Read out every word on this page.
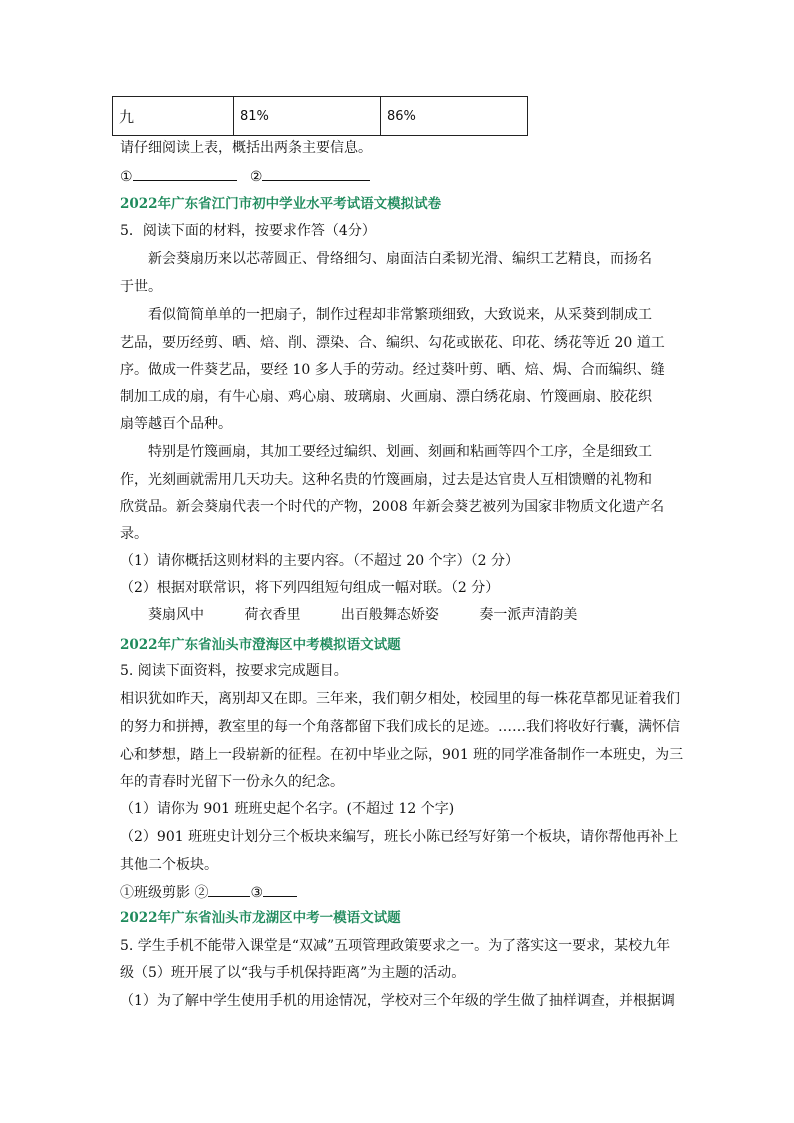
九	81%	86%
请仔细阅读上表，概括出两条主要信息。
①	②
2022年广东省江门市初中学业水平考试语文模拟试卷
5．阅读下面的材料，按要求作答（4分）
新会葵扇历来以芯蒂圆正、骨络细匀、扇面洁白柔韧光滑、编织工艺精良，而扬名
于世。
看似简简单单的一把扇子，制作过程却非常繁琐细致，大致说来，从采葵到制成工
艺品，要历经剪、晒、焙、削、漂染、合、编织、勾花或嵌花、印花、绣花等近 20 道工
序。做成一件葵艺品，要经 10 多人手的劳动。经过葵叶剪、晒、焙、焗、合而编织、缝
制加工成的扇，有牛心扇、鸡心扇、玻璃扇、火画扇、漂白绣花扇、竹篾画扇、胶花织
扇等越百个品种。
特别是竹篾画扇，其加工要经过编织、划画、刻画和粘画等四个工序，全是细致工
作，光刻画就需用几天功夫。这种名贵的竹篾画扇，过去是达官贵人互相馈赠的礼物和
欣赏品。新会葵扇代表一个时代的产物，2008 年新会葵艺被列为国家非物质文化遗产名
录。
（1）请你概括这则材料的主要内容。（不超过 20 个字）（2 分）
（2）根据对联常识，将下列四组短句组成一幅对联。（2 分）
葵扇风中	荷衣香里	出百般舞态娇姿	奏一派声清韵美
2022年广东省汕头市澄海区中考模拟语文试题
5. 阅读下面资料，按要求完成题目。
相识犹如昨天，离别却又在即。三年来，我们朝夕相处，校园里的每一株花草都见证着我们
的努力和拼搏，教室里的每一个角落都留下我们成长的足迹。……我们将收好行囊，满怀信
心和梦想，踏上一段崭新的征程。在初中毕业之际，901 班的同学准备制作一本班史，为三
年的青春时光留下一份永久的纪念。
（1）请你为 901 班班史起个名字。(不超过 12 个字)
（2）901 班班史计划分三个板块来编写，班长小陈已经写好第一个板块，请你帮他再补上
其他二个板块。
①班级剪影 ②	③
2022年广东省汕头市龙湖区中考一模语文试题
5. 学生手机不能带入课堂是“双减”五项管理政策要求之一。为了落实这一要求，某校九年
级（5）班开展了以“我与手机保持距离”为主题的活动。
（1）为了解中学生使用手机的用途情况，学校对三个年级的学生做了抽样调查，并根据调
